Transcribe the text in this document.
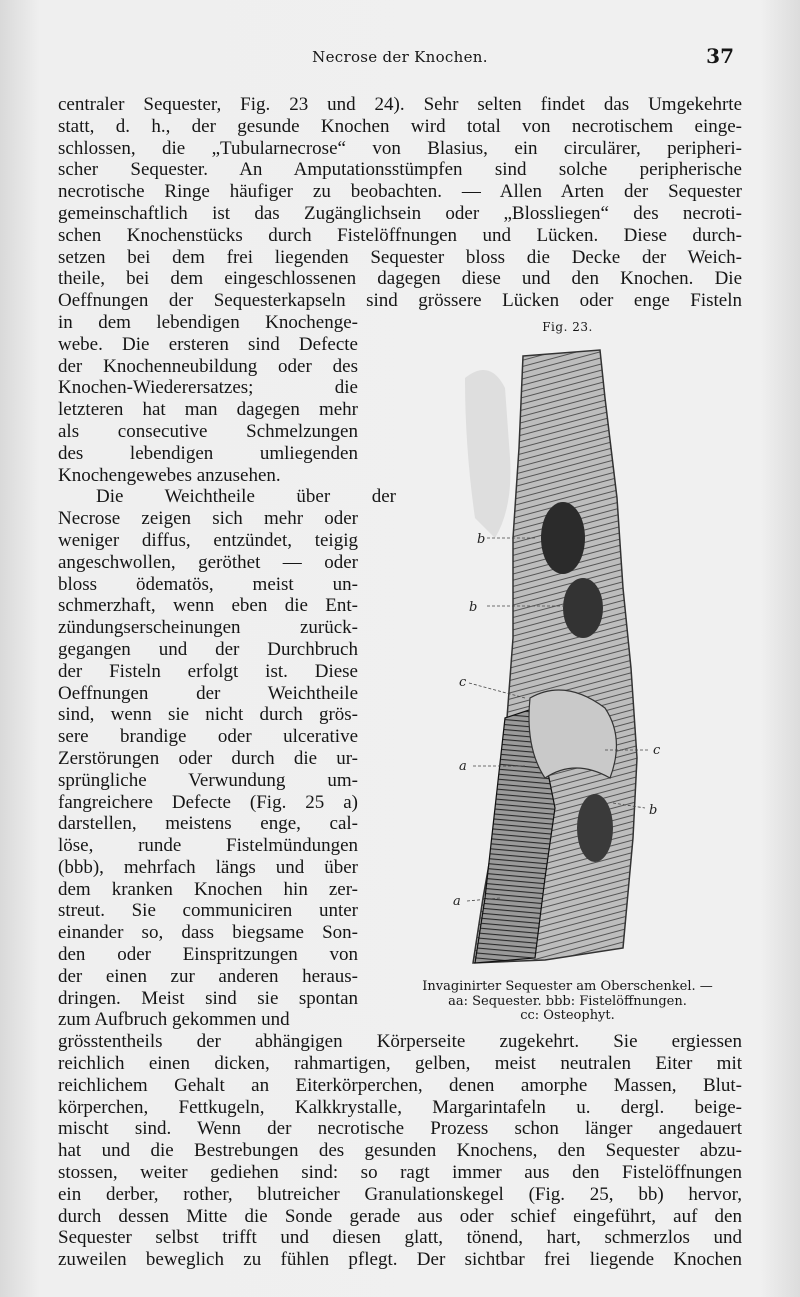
Necrose der Knochen.	37
centraler Sequester, Fig. 23 und 24). Sehr selten findet das Umgekehrte
statt, d. h., der gesunde Knochen wird total von necrotischem einge-
schlossen, die „Tubularnecrose“ von Blasius, ein circulärer, peripheri-
scher Sequester. An Amputationsstümpfen sind solche peripherische
necrotische Ringe häufiger zu beobachten. — Allen Arten der Sequester
gemeinschaftlich ist das Zugänglichsein oder „Blossliegen“ des necroti-
schen Knochenstücks durch Fistelöffnungen und Lücken. Diese durch-
setzen bei dem frei liegenden Sequester bloss die Decke der Weich-
theile, bei dem eingeschlossenen dagegen diese und den Knochen. Die
Oeffnungen der Sequesterkapseln sind grössere Lücken oder enge Fisteln
in dem lebendigen Knochenge-
webe. Die ersteren sind Defecte
der Knochenneubildung oder des
Knochen-Wiederersatzes; die
letzteren hat man dagegen mehr
als consecutive Schmelzungen
des lebendigen umliegenden
Knochengewebes anzusehen.
Die Weichtheile über der
Necrose zeigen sich mehr oder
weniger diffus, entzündet, teigig
angeschwollen, geröthet — oder
bloss ödematös, meist un-
schmerzhaft, wenn eben die Ent-
zündungserscheinungen zurück-
gegangen und der Durchbruch
der Fisteln erfolgt ist. Diese
Oeffnungen der Weichtheile
sind, wenn sie nicht durch grös-
sere brandige oder ulcerative
Zerstörungen oder durch die ur-
sprüngliche Verwundung um-
fangreichere Defecte (Fig. 25 a)
darstellen, meistens enge, cal-
löse, runde Fistelmündungen
(bbb), mehrfach längs und über
dem kranken Knochen hin zer-
streut. Sie communiciren unter
einander so, dass biegsame Son-
den oder Einspritzungen von
der einen zur anderen heraus-
dringen. Meist sind sie spontan
zum Aufbruch gekommen und
grösstentheils der abhängigen Körperseite zugekehrt. Sie ergiessen
reichlich einen dicken, rahmartigen, gelben, meist neutralen Eiter mit
reichlichem Gehalt an Eiterkörperchen, denen amorphe Massen, Blut-
körperchen, Fettkugeln, Kalkkrystalle, Margarintafeln u. dergl. beige-
mischt sind. Wenn der necrotische Prozess schon länger angedauert
hat und die Bestrebungen des gesunden Knochens, den Sequester abzu-
stossen, weiter gediehen sind: so ragt immer aus den Fistelöffnungen
ein derber, rother, blutreicher Granulationskegel (Fig. 25, bb) hervor,
durch dessen Mitte die Sonde gerade aus oder schief eingeführt, auf den
Sequester selbst trifft und diesen glatt, tönend, hart, schmerzlos und
zuweilen beweglich zu fühlen pflegt. Der sichtbar frei liegende Knochen
Fig. 23.
b
b
c
a
c
b
a
Invaginirter Sequester am Oberschenkel. —
aa: Sequester. bbb: Fistelöffnungen.
cc: Osteophyt.
